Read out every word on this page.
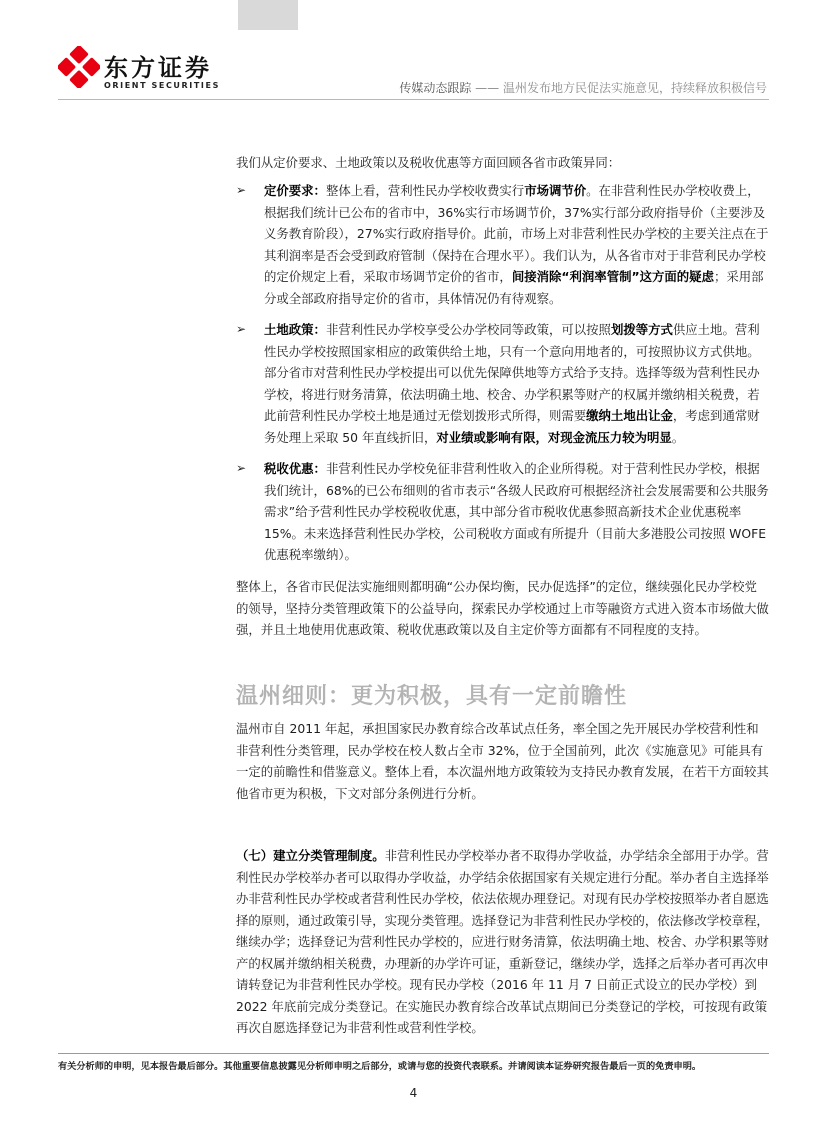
东方证券
ORIENT SECURITIES	传媒动态跟踪 —— 温州发布地方民促法实施意见，持续释放积极信号

我们从定价要求、土地政策以及税收优惠等方面回顾各省市政策异同：

➢ 定价要求：整体上看，营利性民办学校收费实行市场调节价。在非营利性民办学校收费上，根据我们统计已公布的省市中，36%实行市场调节价，37%实行部分政府指导价（主要涉及义务教育阶段），27%实行政府指导价。此前，市场上对非营利性民办学校的主要关注点在于其利润率是否会受到政府管制（保持在合理水平）。我们认为，从各省市对于非营利民办学校的定价规定上看，采取市场调节定价的省市，间接消除“利润率管制”这方面的疑虑；采用部分或全部政府指导定价的省市，具体情况仍有待观察。

➢ 土地政策：非营利性民办学校享受公办学校同等政策，可以按照划拨等方式供应土地。营利性民办学校按照国家相应的政策供给土地，只有一个意向用地者的，可按照协议方式供地。部分省市对营利性民办学校提出可以优先保障供地等方式给予支持。选择等级为营利性民办学校，将进行财务清算，依法明确土地、校舍、办学积累等财产的权属并缴纳相关税费，若此前营利性民办学校土地是通过无偿划拨形式所得，则需要缴纳土地出让金，考虑到通常财务处理上采取 50 年直线折旧，对业绩或影响有限，对现金流压力较为明显。

➢ 税收优惠：非营利性民办学校免征非营利性收入的企业所得税。对于营利性民办学校，根据我们统计，68%的已公布细则的省市表示“各级人民政府可根据经济社会发展需要和公共服务需求”给予营利性民办学校税收优惠，其中部分省市税收优惠参照高新技术企业优惠税率 15%。未来选择营利性民办学校，公司税收方面或有所提升（目前大多港股公司按照 WOFE 优惠税率缴纳）。

整体上，各省市民促法实施细则都明确“公办保均衡，民办促选择”的定位，继续强化民办学校党的领导，坚持分类管理政策下的公益导向，探索民办学校通过上市等融资方式进入资本市场做大做强，并且土地使用优惠政策、税收优惠政策以及自主定价等方面都有不同程度的支持。

温州细则：更为积极，具有一定前瞻性

温州市自 2011 年起，承担国家民办教育综合改革试点任务，率全国之先开展民办学校营利性和非营利性分类管理，民办学校在校人数占全市 32%，位于全国前列，此次《实施意见》可能具有一定的前瞻性和借鉴意义。整体上看，本次温州地方政策较为支持民办教育发展，在若干方面较其他省市更为积极，下文对部分条例进行分析。

（七）建立分类管理制度。非营利性民办学校举办者不取得办学收益，办学结余全部用于办学。营利性民办学校举办者可以取得办学收益，办学结余依据国家有关规定进行分配。举办者自主选择举办非营利性民办学校或者营利性民办学校，依法依规办理登记。对现有民办学校按照举办者自愿选择的原则，通过政策引导，实现分类管理。选择登记为非营利性民办学校的，依法修改学校章程，继续办学；选择登记为营利性民办学校的，应进行财务清算，依法明确土地、校舍、办学积累等财产的权属并缴纳相关税费，办理新的办学许可证，重新登记，继续办学，选择之后举办者可再次申请转登记为非营利性民办学校。现有民办学校（2016 年 11 月 7 日前正式设立的民办学校）到 2022 年底前完成分类登记。在实施民办教育综合改革试点期间已分类登记的学校，可按现有政策再次自愿选择登记为非营利性或营利性学校。

有关分析师的申明，见本报告最后部分。其他重要信息披露见分析师申明之后部分，或请与您的投资代表联系。并请阅读本证券研究报告最后一页的免责申明。
4
